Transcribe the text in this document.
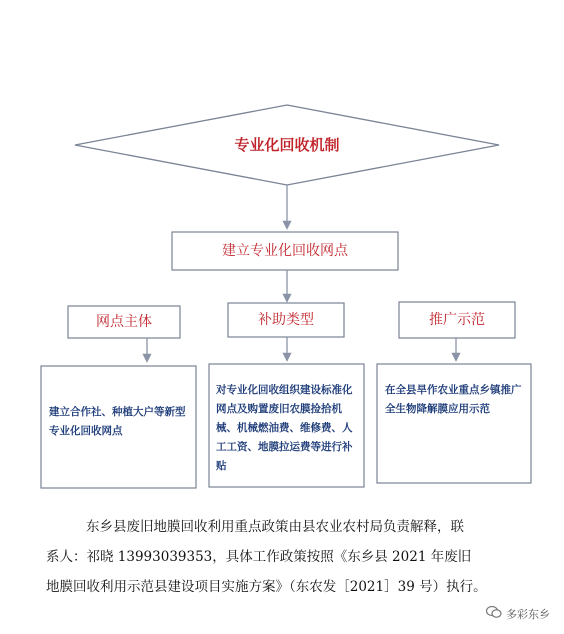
专业化回收机制
建立专业化回收网点
网点主体	补助类型	推广示范
建立合作社、种植大户等新型专业化回收网点
对专业化回收组织建设标准化网点及购置废旧农膜捡拾机械、机械燃油费、维修费、人工工资、地膜拉运费等进行补贴
在全县旱作农业重点乡镇推广全生物降解膜应用示范

东乡县废旧地膜回收利用重点政策由县农业农村局负责解释，联

系人：祁晓 13993039353，具体工作政策按照《东乡县 2021 年废旧

地膜回收利用示范县建设项目实施方案》（东农发［2021］39 号）执行。

多彩东乡
